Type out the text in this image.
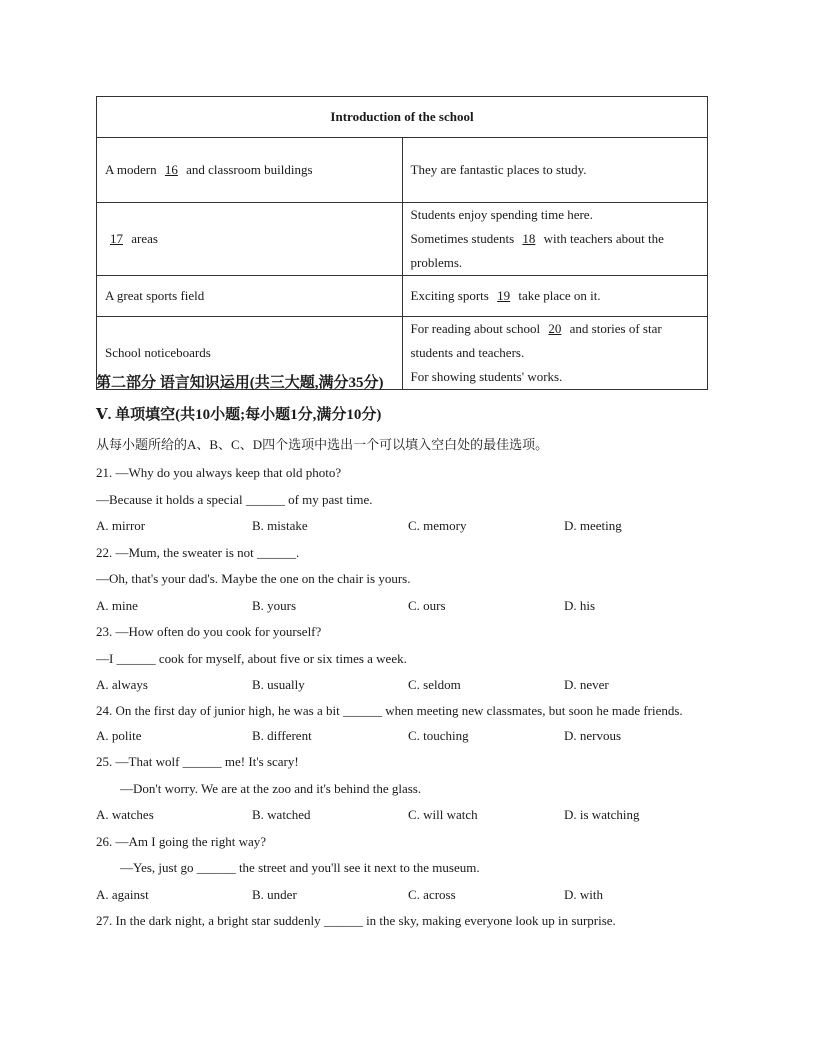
Introduction of the school	
A modern 16 and classroom buildings	They are fantastic places to study.

17 areas	Students enjoy spending time here.
Sometimes students 18 with teachers about the problems.

A great sports field	Exciting sports 19 take place on it.

School noticeboards	For reading about school 20 and stories of star students and teachers.
For showing students' works.
第二部分 语言知识运用(共三大题,满分35分)
Ⅴ. 单项填空(共10小题;每小题1分,满分10分)
从每小题所给的A、B、C、D四个选项中选出一个可以填入空白处的最佳选项。
21. —Why do you always keep that old photo?
—Because it holds a special ______ of my past time.
A. mirror	B. mistake	C. memory	D. meeting
22. —Mum, the sweater is not ______.
—Oh, that's your dad's. Maybe the one on the chair is yours.
A. mine	B. yours	C. ours	D. his
23. —How often do you cook for yourself?
—I ______ cook for myself, about five or six times a week.
A. always	B. usually	C. seldom	D. never
24. On the first day of junior high, he was a bit ______ when meeting new classmates, but soon he made friends.
A. polite	B. different	C. touching	D. nervous
25. —That wolf ______ me! It's scary!
—Don't worry. We are at the zoo and it's behind the glass.
A. watches	B. watched	C. will watch	D. is watching
26. —Am I going the right way?
—Yes, just go ______ the street and you'll see it next to the museum.
A. against	B. under	C. across	D. with
27. In the dark night, a bright star suddenly ______ in the sky, making everyone look up in surprise.
